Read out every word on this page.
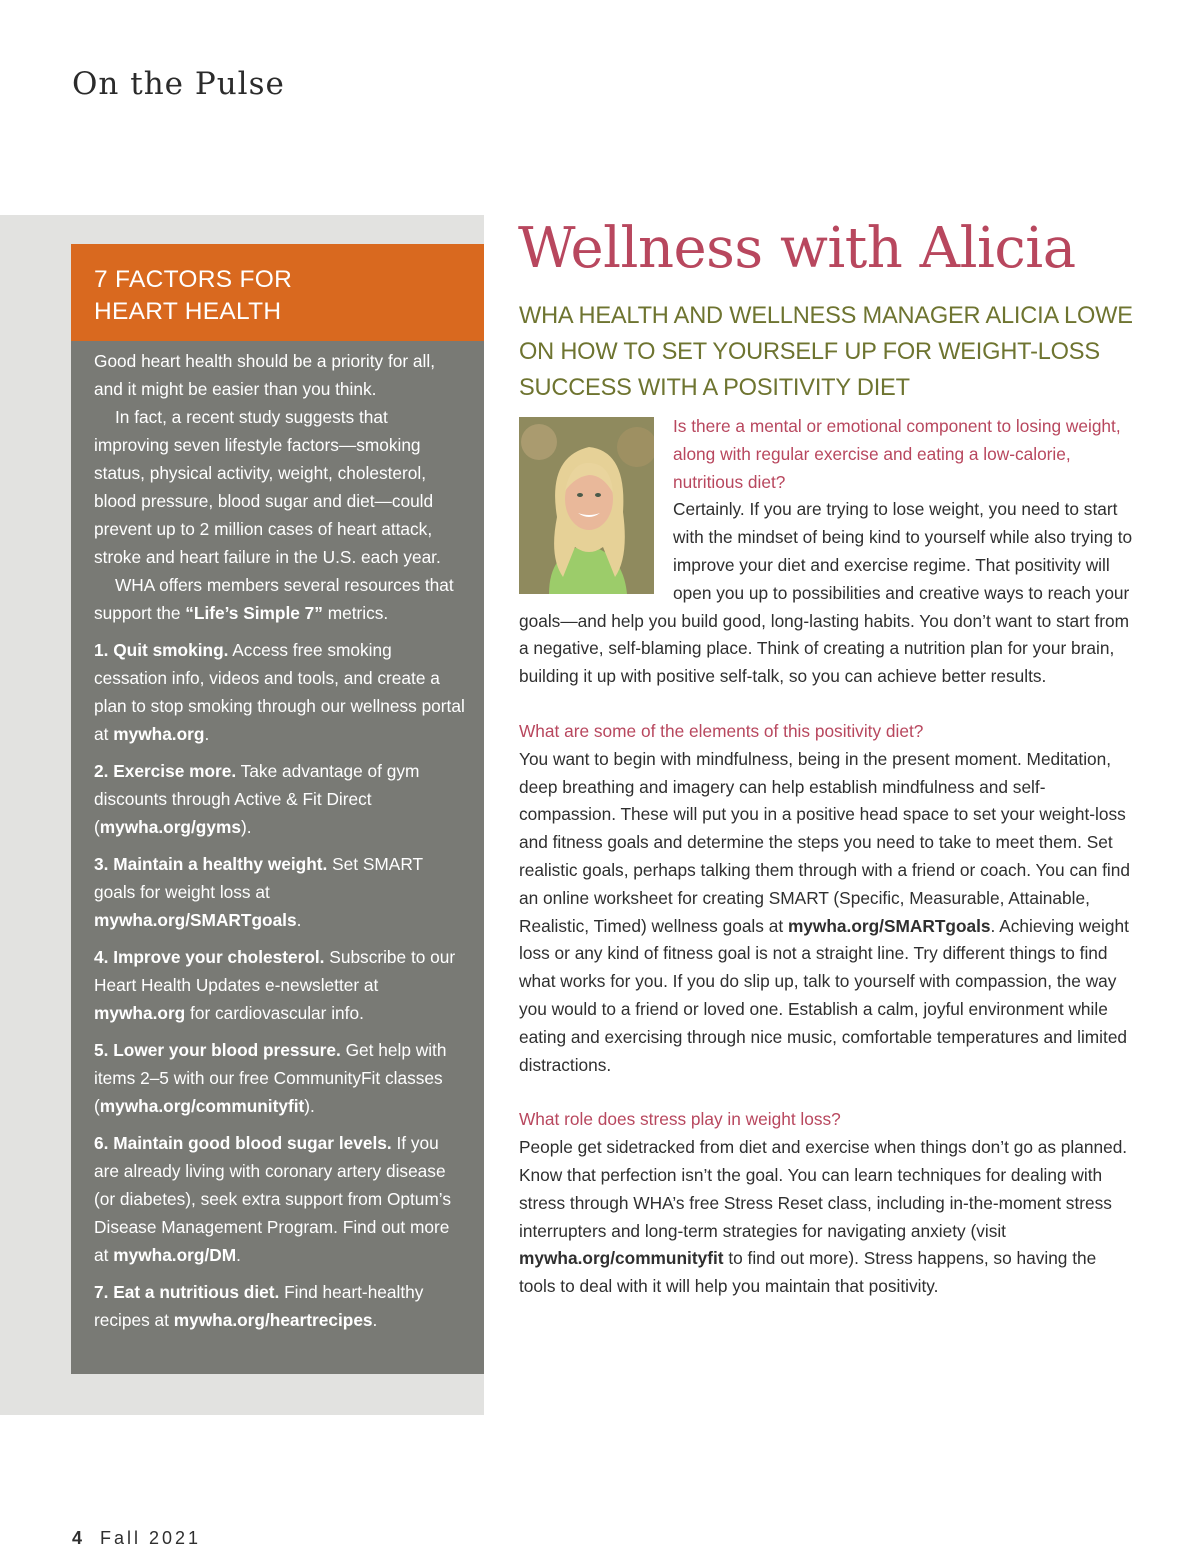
On the Pulse
7 FACTORS FOR
HEART HEALTH

Good heart health should be a priority for all, and it might be easier than you think.

In fact, a recent study suggests that improving seven lifestyle factors—smoking status, physical activity, weight, cholesterol, blood pressure, blood sugar and diet—could prevent up to 2 million cases of heart attack, stroke and heart failure in the U.S. each year.

WHA offers members several resources that support the “Life’s Simple 7” metrics.

1. Quit smoking. Access free smoking cessation info, videos and tools, and create a plan to stop smoking through our wellness portal at mywha.org.

2. Exercise more. Take advantage of gym discounts through Active & Fit Direct (mywha.org/gyms).

3. Maintain a healthy weight. Set SMART goals for weight loss at mywha.org/SMARTgoals.

4. Improve your cholesterol. Subscribe to our Heart Health Updates e-newsletter at mywha.org for cardiovascular info.

5. Lower your blood pressure. Get help with items 2–5 with our free CommunityFit classes (mywha.org/communityfit).

6. Maintain good blood sugar levels. If you are already living with coronary artery disease (or diabetes), seek extra support from Optum’s Disease Management Program. Find out more at mywha.org/DM.

7. Eat a nutritious diet. Find heart-healthy recipes at mywha.org/heartrecipes.

Wellness with Alicia
WHA HEALTH AND WELLNESS MANAGER ALICIA LOWE ON HOW TO SET YOURSELF UP FOR WEIGHT-LOSS SUCCESS WITH A POSITIVITY DIET

Is there a mental or emotional component to losing weight, along with regular exercise and eating a low-calorie, nutritious diet?

Certainly. If you are trying to lose weight, you need to start with the mindset of being kind to yourself while also trying to improve your diet and exercise regime. That positivity will open you up to possibilities and creative ways to reach your goals—and help you build good, long-lasting habits. You don’t want to start from a negative, self-blaming place. Think of creating a nutrition plan for your brain, building it up with positive self-talk, so you can achieve better results.

What are some of the elements of this positivity diet?

You want to begin with mindfulness, being in the present moment. Meditation, deep breathing and imagery can help establish mindfulness and self-compassion. These will put you in a positive head space to set your weight-loss and fitness goals and determine the steps you need to take to meet them. Set realistic goals, perhaps talking them through with a friend or coach. You can find an online worksheet for creating SMART (Specific, Measurable, Attainable, Realistic, Timed) wellness goals at mywha.org/SMARTgoals. Achieving weight loss or any kind of fitness goal is not a straight line. Try different things to find what works for you. If you do slip up, talk to yourself with compassion, the way you would to a friend or loved one. Establish a calm, joyful environment while eating and exercising through nice music, comfortable temperatures and limited distractions.

What role does stress play in weight loss?

People get sidetracked from diet and exercise when things don’t go as planned. Know that perfection isn’t the goal. You can learn techniques for dealing with stress through WHA’s free Stress Reset class, including in-the-moment stress interrupters and long-term strategies for navigating anxiety (visit mywha.org/communityfit to find out more). Stress happens, so having the tools to deal with it will help you maintain that positivity.

4 Fall 2021
